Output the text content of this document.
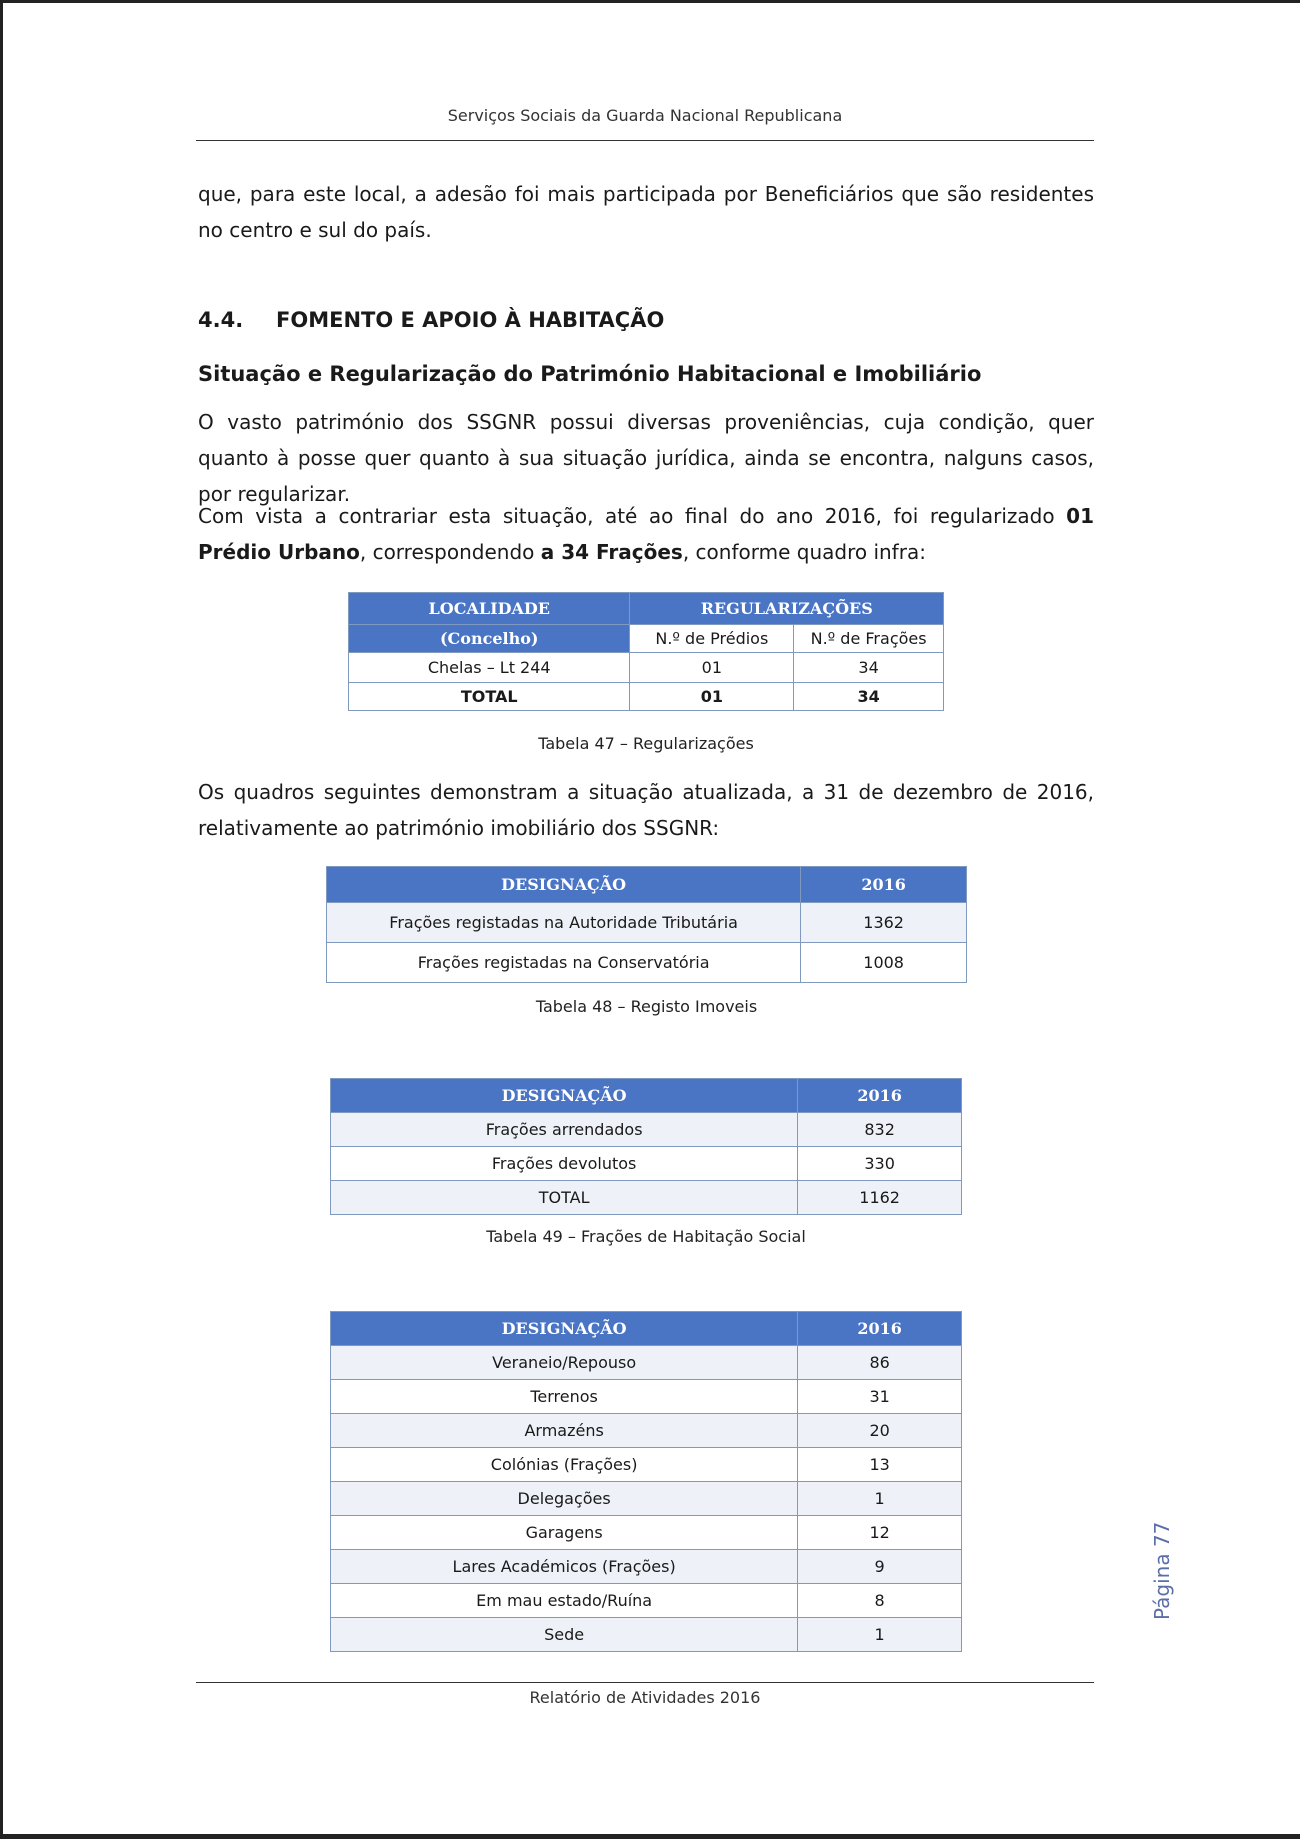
Serviços Sociais da Guarda Nacional Republicana

que, para este local, a adesão foi mais participada por Beneficiários que são residentes no centro e sul do país.

4.4. FOMENTO E APOIO À HABITAÇÃO

Situação e Regularização do Património Habitacional e Imobiliário

O vasto património dos SSGNR possui diversas proveniências, cuja condição, quer quanto à posse quer quanto à sua situação jurídica, ainda se encontra, nalguns casos, por regularizar.

Com vista a contrariar esta situação, até ao final do ano 2016, foi regularizado 01 Prédio Urbano, correspondendo a 34 Frações, conforme quadro infra:

LOCALIDADE	REGULARIZAÇÕES	
(Concelho)	N.º de Prédios	N.º de Frações
Chelas – Lt 244	01	34
TOTAL	01	34
Tabela 47 – Regularizações

Os quadros seguintes demonstram a situação atualizada, a 31 de dezembro de 2016, relativamente ao património imobiliário dos SSGNR:

DESIGNAÇÃO	2016
Frações registadas na Autoridade Tributária	1362
Frações registadas na Conservatória	1008
Tabela 48 – Registo Imoveis
DESIGNAÇÃO	2016
Frações arrendados	832
Frações devolutos	330
TOTAL	1162
Tabela 49 – Frações de Habitação Social
DESIGNAÇÃO	2016
Veraneio/Repouso	86
Terrenos	31
Armazéns	20
Colónias (Frações)	13
Delegações	1
Garagens	12
Lares Académicos (Frações)	9
Em mau estado/Ruína	8
Sede	1
Relatório de Atividades 2016
Página 77
